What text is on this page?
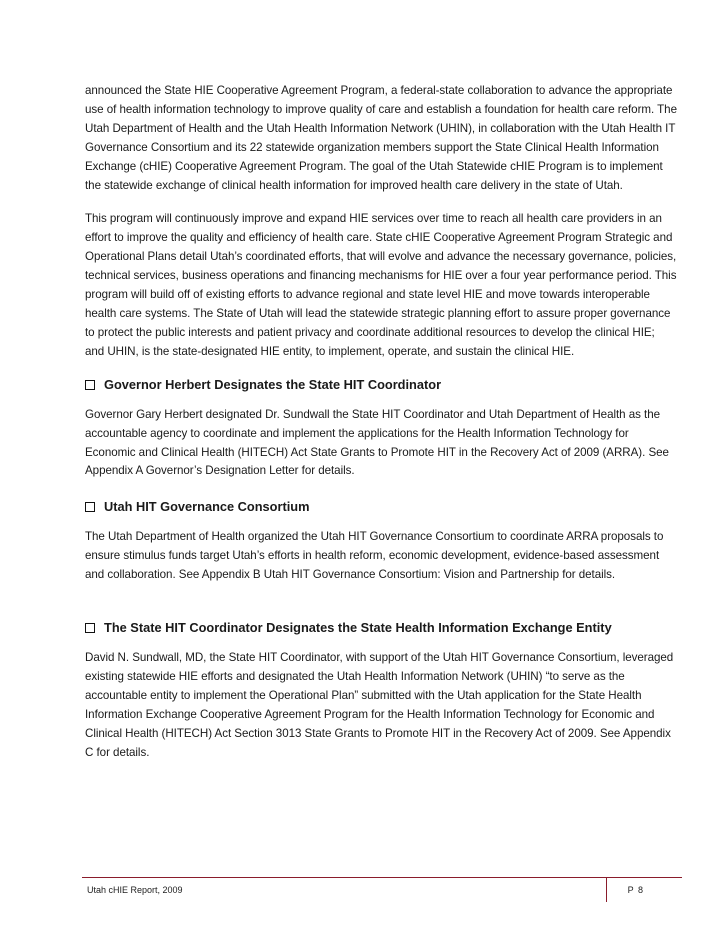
announced the State HIE Cooperative Agreement Program, a federal-state collaboration to advance the appropriate use of health information technology to improve quality of care and establish a foundation for health care reform. The Utah Department of Health and the Utah Health Information Network (UHIN), in collaboration with the Utah Health IT Governance Consortium and its 22 statewide organization members support the State Clinical Health Information Exchange (cHIE) Cooperative Agreement Program. The goal of the Utah Statewide cHIE Program is to implement the statewide exchange of clinical health information for improved health care delivery in the state of Utah.

This program will continuously improve and expand HIE services over time to reach all health care providers in an effort to improve the quality and efficiency of health care. State cHIE Cooperative Agreement Program Strategic and Operational Plans detail Utah’s coordinated efforts, that will evolve and advance the necessary governance, policies, technical services, business operations and financing mechanisms for HIE over a four year performance period. This program will build off of existing efforts to advance regional and state level HIE and move towards interoperable health care systems. The State of Utah will lead the statewide strategic planning effort to assure proper governance to protect the public interests and patient privacy and coordinate additional resources to develop the clinical HIE; and UHIN, is the state-designated HIE entity, to implement, operate, and sustain the clinical HIE.

Governor Herbert Designates the State HIT Coordinator

Governor Gary Herbert designated Dr. Sundwall the State HIT Coordinator and Utah Department of Health as the accountable agency to coordinate and implement the applications for the Health Information Technology for Economic and Clinical Health (HITECH) Act State Grants to Promote HIT in the Recovery Act of 2009 (ARRA). See Appendix A Governor’s Designation Letter for details.

Utah HIT Governance Consortium

The Utah Department of Health organized the Utah HIT Governance Consortium to coordinate ARRA proposals to ensure stimulus funds target Utah’s efforts in health reform, economic development, evidence-based assessment and collaboration. See Appendix B Utah HIT Governance Consortium: Vision and Partnership for details.

The State HIT Coordinator Designates the State Health Information Exchange Entity

David N. Sundwall, MD, the State HIT Coordinator, with support of the Utah HIT Governance Consortium, leveraged existing statewide HIE efforts and designated the Utah Health Information Network (UHIN) “to serve as the accountable entity to implement the Operational Plan” submitted with the Utah application for the State Health Information Exchange Cooperative Agreement Program for the Health Information Technology for Economic and Clinical Health (HITECH) Act Section 3013 State Grants to Promote HIT in the Recovery Act of 2009. See Appendix C for details.

Utah cHIE Report, 2009	P 8
